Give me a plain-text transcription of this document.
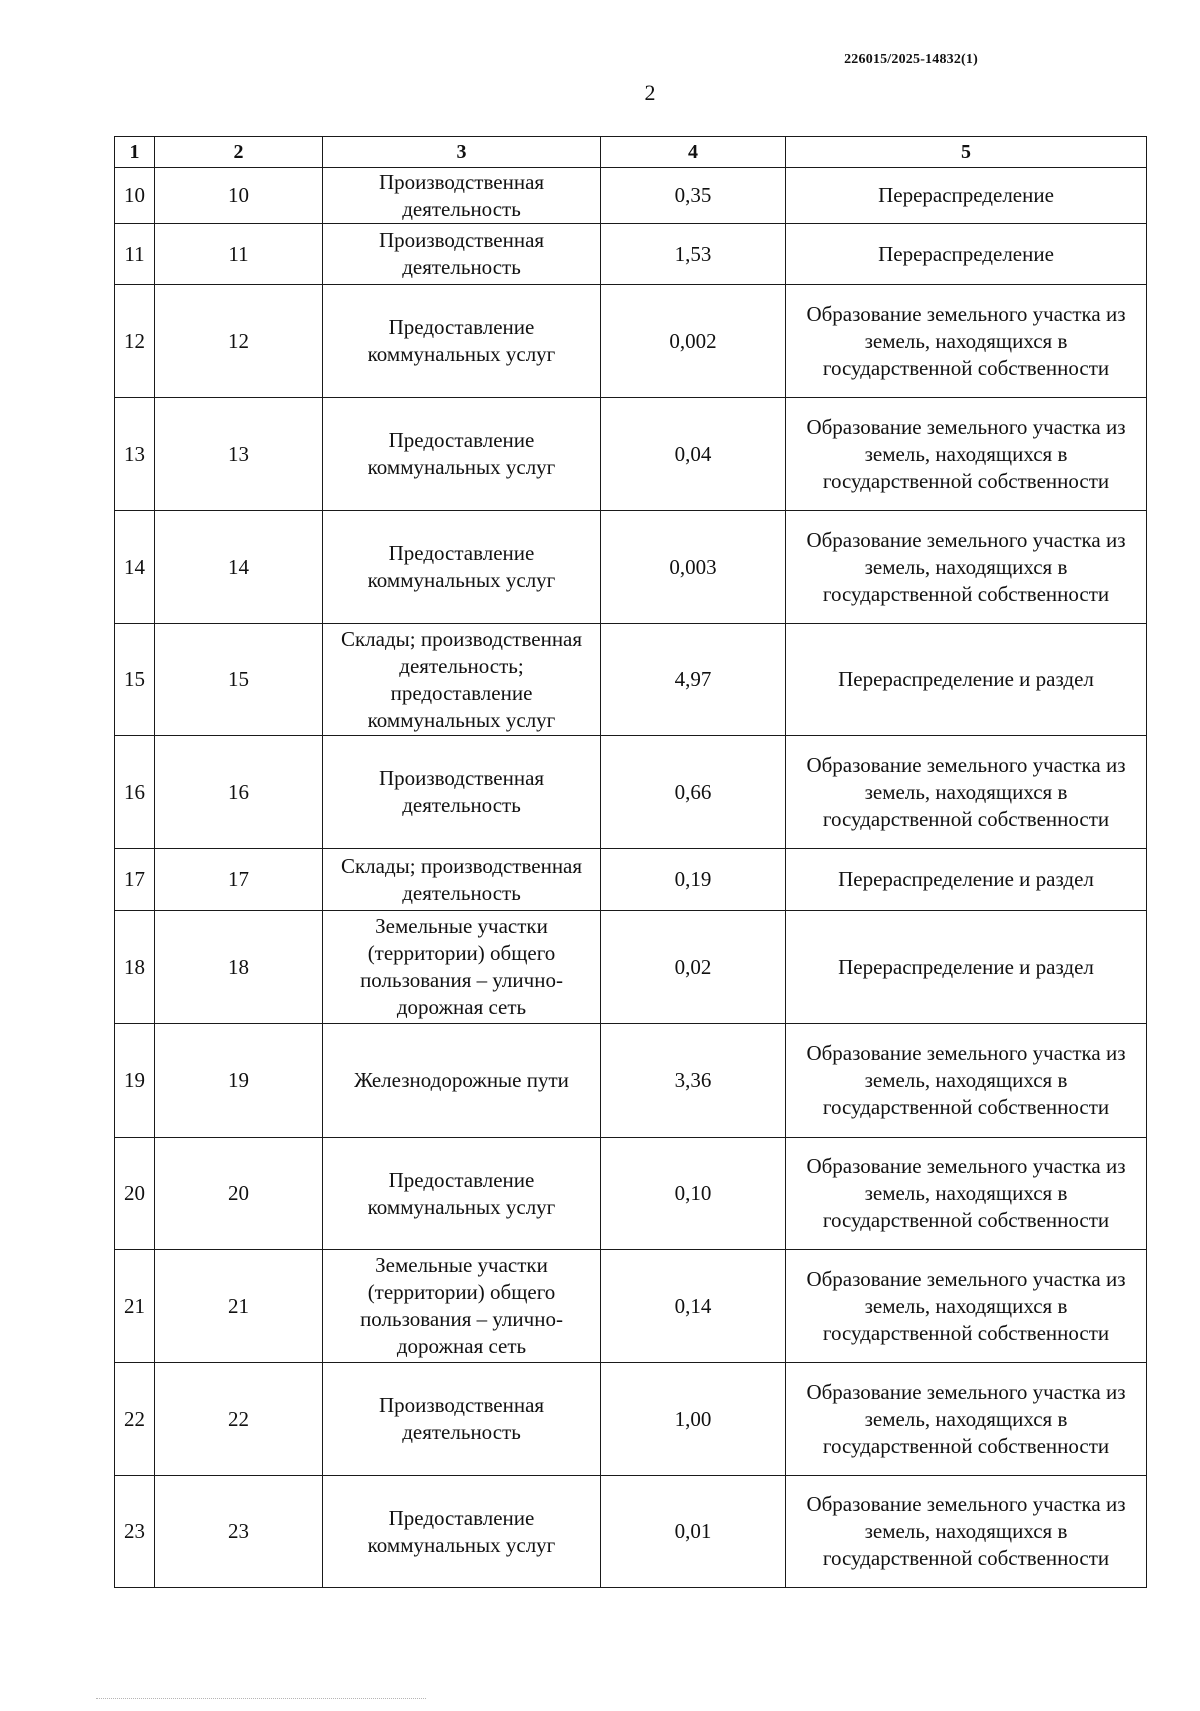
226015/2025-14832(1)
2
1	2	3	4	5
10	10	Производственная деятельность	0,35	Перераспределение
11	11	Производственная деятельность	1,53	Перераспределение
12	12	Предоставление коммунальных услуг	0,002	Образование земельного участка из земель, находящихся в государственной собственности
13	13	Предоставление коммунальных услуг	0,04	Образование земельного участка из земель, находящихся в государственной собственности
14	14	Предоставление коммунальных услуг	0,003	Образование земельного участка из земель, находящихся в государственной собственности
15	15	Склады; производственная деятельность; предоставление коммунальных услуг	4,97	Перераспределение и раздел
16	16	Производственная деятельность	0,66	Образование земельного участка из земель, находящихся в государственной собственности
17	17	Склады; производственная деятельность	0,19	Перераспределение и раздел
18	18	Земельные участки (территории) общего пользования – улично-дорожная сеть	0,02	Перераспределение и раздел
19	19	Железнодорожные пути	3,36	Образование земельного участка из земель, находящихся в государственной собственности
20	20	Предоставление коммунальных услуг	0,10	Образование земельного участка из земель, находящихся в государственной собственности
21	21	Земельные участки (территории) общего пользования – улично-дорожная сеть	0,14	Образование земельного участка из земель, находящихся в государственной собственности
22	22	Производственная деятельность	1,00	Образование земельного участка из земель, находящихся в государственной собственности
23	23	Предоставление коммунальных услуг	0,01	Образование земельного участка из земель, находящихся в государственной собственности
